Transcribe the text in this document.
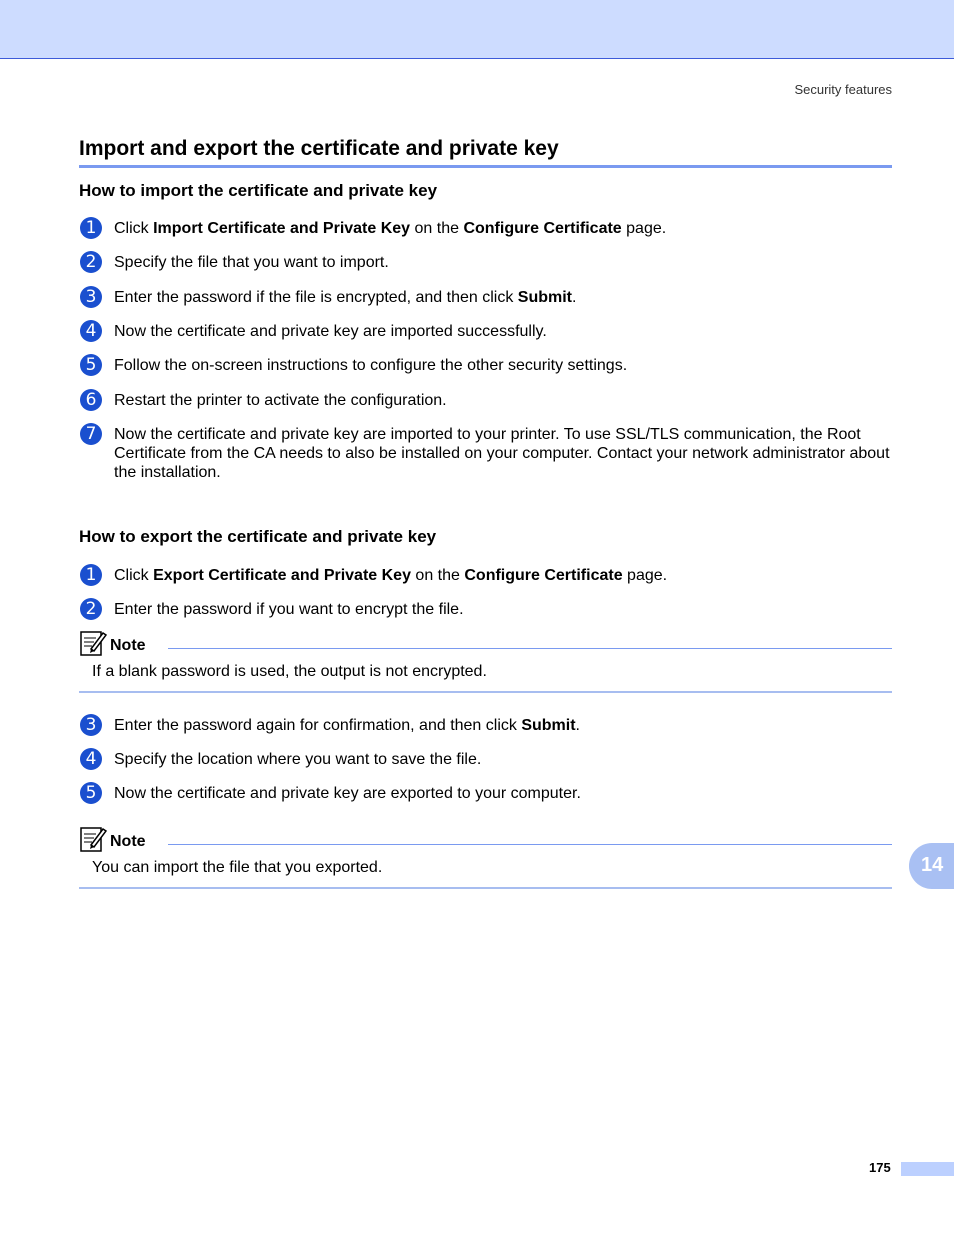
Security features
Import and export the certificate and private key
How to import the certificate and private key
1	Click Import Certificate and Private Key on the Configure Certificate page.
2	Specify the file that you want to import.
3	Enter the password if the file is encrypted, and then click Submit.
4	Now the certificate and private key are imported successfully.
5	Follow the on-screen instructions to configure the other security settings.
6	Restart the printer to activate the configuration.
7	Now the certificate and private key are imported to your printer. To use SSL/TLS communication, the Root Certificate from the CA needs to also be installed on your computer. Contact your network administrator about the installation.
How to export the certificate and private key
1	Click Export Certificate and Private Key on the Configure Certificate page.
2	Enter the password if you want to encrypt the file.
Note
If a blank password is used, the output is not encrypted.
3	Enter the password again for confirmation, and then click Submit.
4	Specify the location where you want to save the file.
5	Now the certificate and private key are exported to your computer.
Note
You can import the file that you exported.	14
175
